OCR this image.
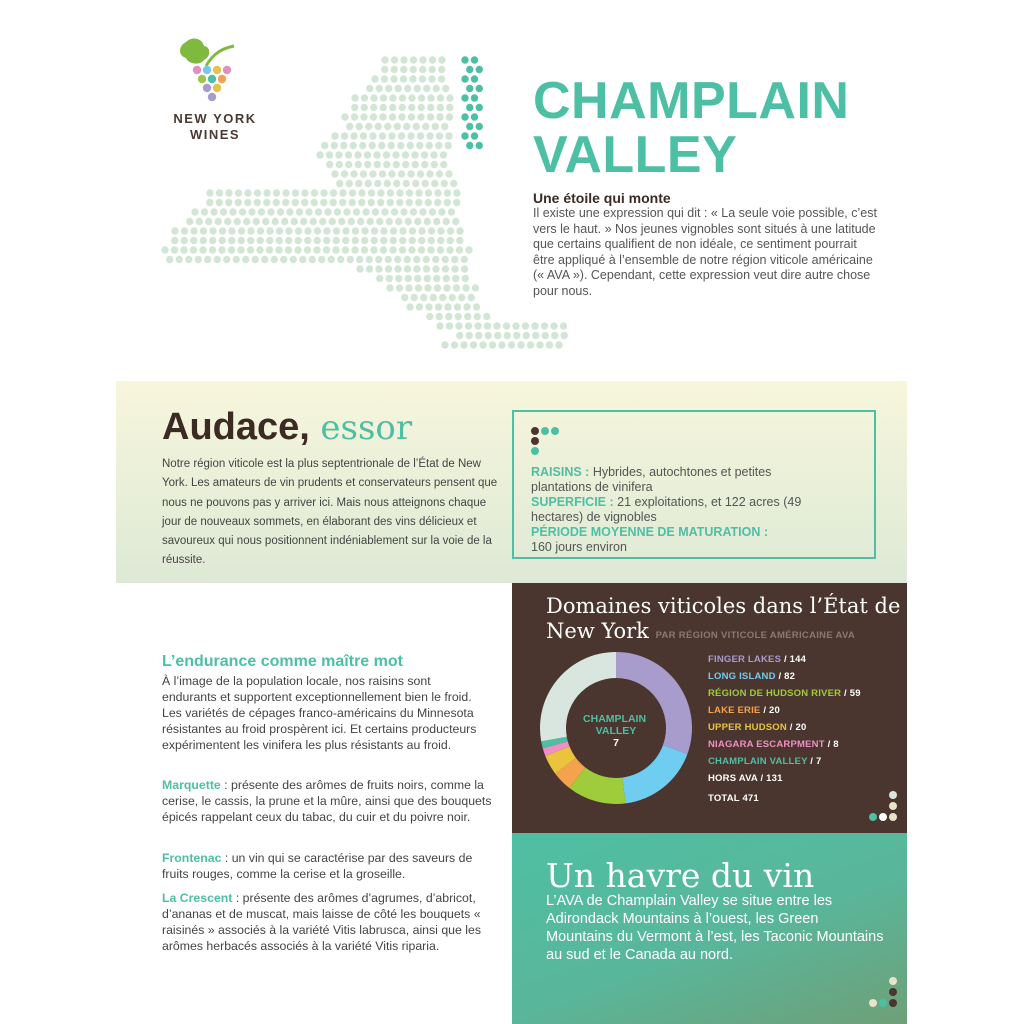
NEW YORK
WINES
CHAMPLAIN
VALLEY
Une étoile qui monte
Il existe une expression qui dit : « La seule voie possible, c’est vers le haut. » Nos jeunes vignobles sont situés à une latitude que certains qualifient de non idéale, ce sentiment pourrait être appliqué à l’ensemble de notre région viticole américaine (« AVA »). Cependant, cette expression veut dire autre chose pour nous.
Audace, essor
Notre région viticole est la plus septentrionale de l’État de New York. Les amateurs de vin prudents et conservateurs pensent que nous ne pouvons pas y arriver ici. Mais nous atteignons chaque jour de nouveaux sommets, en élaborant des vins délicieux et savoureux qui nous positionnent indéniablement sur la voie de la réussite.

RAISINS : Hybrides, autochtones et petites plantations de vinifera

SUPERFICIE : 21 exploitations, et 122 acres (49 hectares) de vignobles

PÉRIODE MOYENNE DE MATURATION :
160 jours environ

L’endurance comme maître mot
À l’image de la population locale, nos raisins sont endurants et supportent exceptionnellement bien le froid. Les variétés de cépages franco-américains du Minnesota résistantes au froid prospèrent ici. Et certains producteurs expérimentent les vinifera les plus résistants au froid.
Marquette : présente des arômes de fruits noirs, comme la cerise, le cassis, la prune et la mûre, ainsi que des bouquets épicés rappelant ceux du tabac, du cuir et du poivre noir.
Frontenac : un vin qui se caractérise par des saveurs de fruits rouges, comme la cerise et la groseille.
La Crescent : présente des arômes d’agrumes, d’abricot, d’ananas et de muscat, mais laisse de côté les bouquets « raisinés » associés à la variété Vitis labrusca, ainsi que les arômes herbacés associés à la variété Vitis riparia.
Domaines viticoles dans l’État de New York PAR RÉGION VITICOLE AMÉRICAINE AVA
CHAMPLAIN VALLEY
7
FINGER LAKES / 144
LONG ISLAND / 82
RÉGION DE HUDSON RIVER / 59
LAKE ERIE / 20
UPPER HUDSON / 20
NIAGARA ESCARPMENT / 8
CHAMPLAIN VALLEY / 7
HORS AVA / 131
TOTAL 471
Un havre du vin
L’AVA de Champlain Valley se situe entre les Adirondack Mountains à l’ouest, les Green Mountains du Vermont à l’est, les Taconic Mountains au sud et le Canada au nord.
